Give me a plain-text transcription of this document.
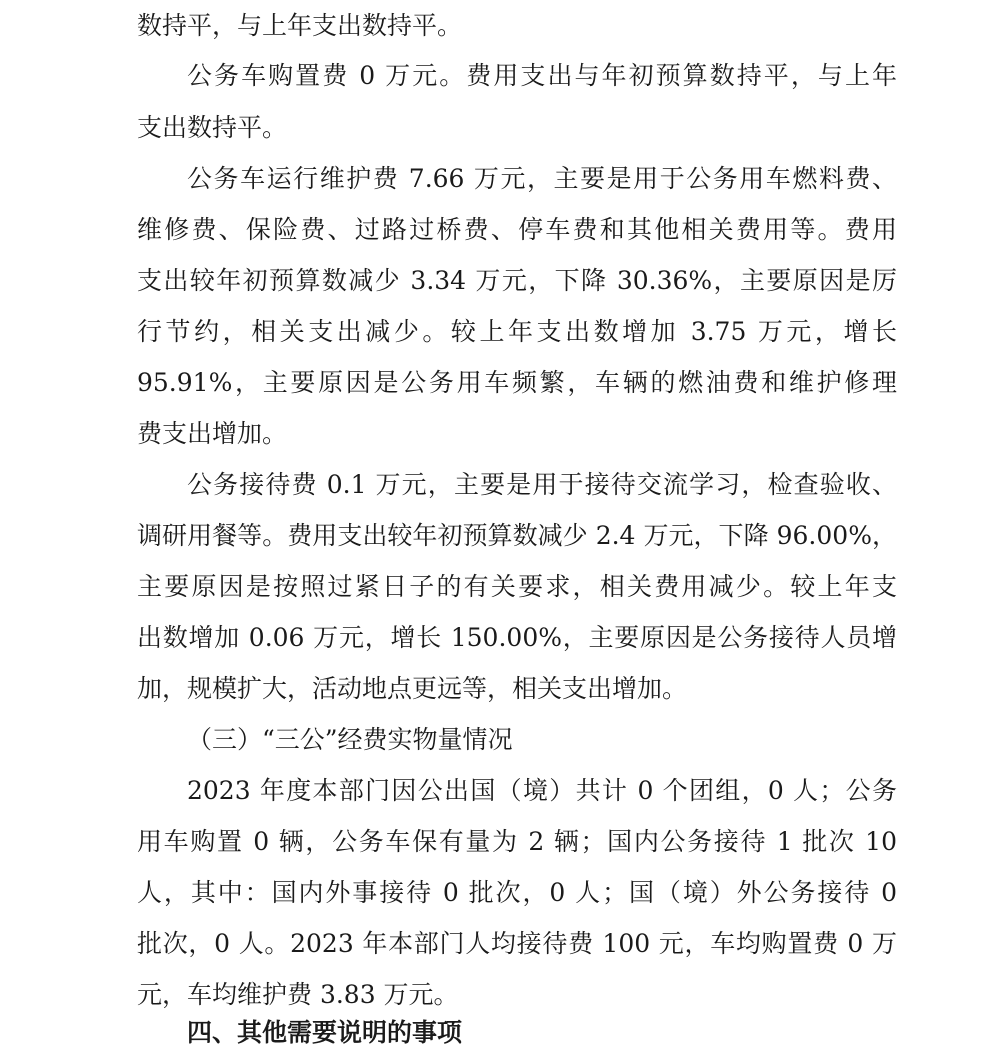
数持平，与上年支出数持平。
公务车购置费 0 万元。费用支出与年初预算数持平，与上年
支出数持平。
公务车运行维护费 7.66 万元，主要是用于公务用车燃料费、
维修费、保险费、过路过桥费、停车费和其他相关费用等。费用
支出较年初预算数减少 3.34 万元，下降 30.36%，主要原因是厉
行节约，相关支出减少。较上年支出数增加 3.75 万元，增长
95.91%，主要原因是公务用车频繁，车辆的燃油费和维护修理
费支出增加。
公务接待费 0.1 万元，主要是用于接待交流学习，检查验收、
调研用餐等。费用支出较年初预算数减少 2.4 万元，下降 96.00%，
主要原因是按照过紧日子的有关要求，相关费用减少。较上年支
出数增加 0.06 万元，增长 150.00%，主要原因是公务接待人员增
加，规模扩大，活动地点更远等，相关支出增加。
（三）“三公”经费实物量情况
2023 年度本部门因公出国（境）共计 0 个团组，0 人；公务
用车购置 0 辆，公务车保有量为 2 辆；国内公务接待 1 批次 10
人，其中：国内外事接待 0 批次，0 人；国（境）外公务接待 0
批次，0 人。2023 年本部门人均接待费 100 元，车均购置费 0 万
元，车均维护费 3.83 万元。
四、其他需要说明的事项
